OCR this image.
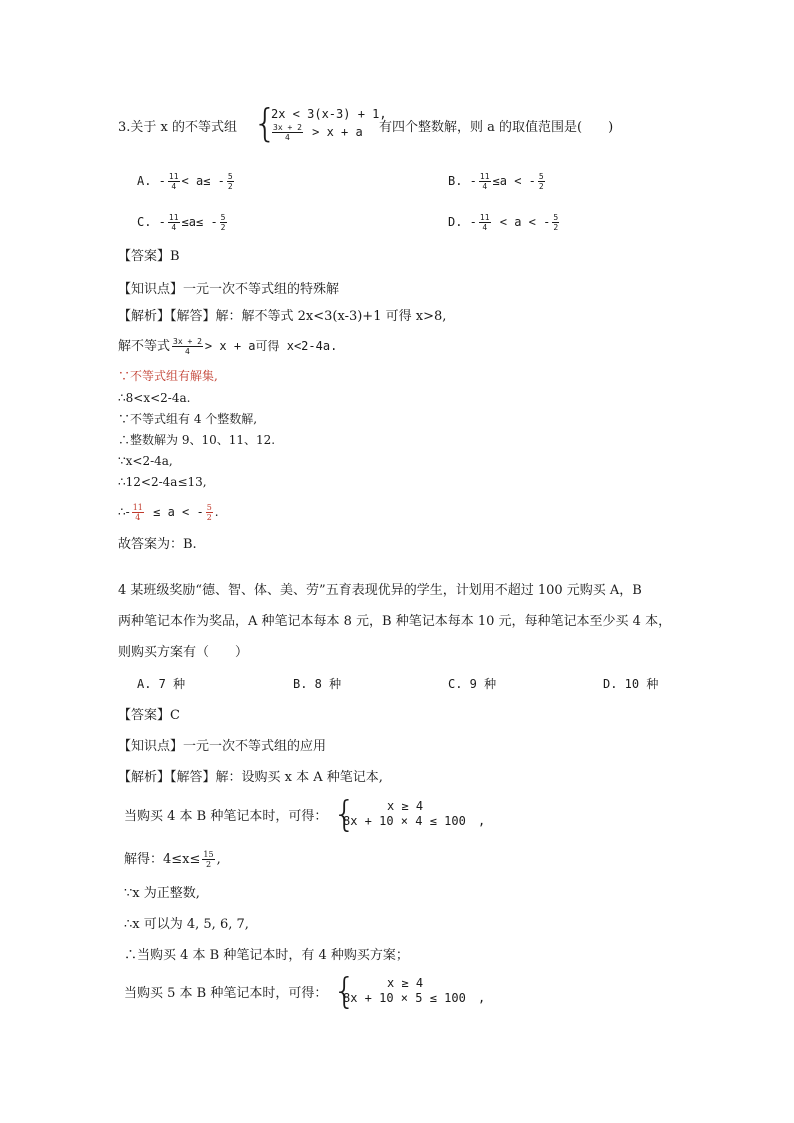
3.关于 x 的不等式组 {
2x < 3(x-3) + 1,
$\frac{3x + 2}{4} > x + a$ 有四个整数解，则 a 的取值范围是(　　)
A. - $\frac{11}{4} < a\le - \frac{5}{2}$	B. - $\frac{11}{4} \le a$ < - $\frac{5}{2}$
C. - $\frac{11}{4} \le a\le - \frac{5}{2}$	D. - $\frac{11}{4} < a$ < - $\frac{5}{2}$
【答案】B
【知识点】一元一次不等式组的特殊解
【解析】【解答】解：解不等式 2x<3(x-3)+1 可得 x>8,
解不等式 $\frac{3x + 2}{4} > x + a$可得 x<2-4a.
∵不等式组有解集,
∴8<x<2-4a.
∵不等式组有 4 个整数解,
∴整数解为 9、10、11、12.
∵x<2-4a,
∴12<2-4a≤13,
∴- $\frac{11}{4} \le a$ < - $\frac{5}{2}$ .
故答案为：B.
4 某班级奖励“德、智、体、美、劳”五育表现优异的学生，计划用不超过 100 元购买 A，B
两种笔记本作为奖品，A 种笔记本每本 8 元，B 种笔记本每本 10 元，每种笔记本至少买 4 本，
则购买方案有（　　）
A. 7 种	B. 8 种	C. 9 种	D. 10 种
【答案】C
【知识点】一元一次不等式组的应用
【解析】【解答】解：设购买 x 本 A 种笔记本,
当购买 4 本 B 种笔记本时，可得： {	x ≥ 4
8x + 10 × 4 ≤ 100 ,
解得：$4\le x\le \frac{15}{2}$ ,
∵x 为正整数,
∴x 可以为 4, 5, 6, 7,
∴当购买 4 本 B 种笔记本时，有 4 种购买方案；
当购买 5 本 B 种笔记本时，可得： {	x ≥ 4
8x + 10 × 5 ≤ 100 ,
